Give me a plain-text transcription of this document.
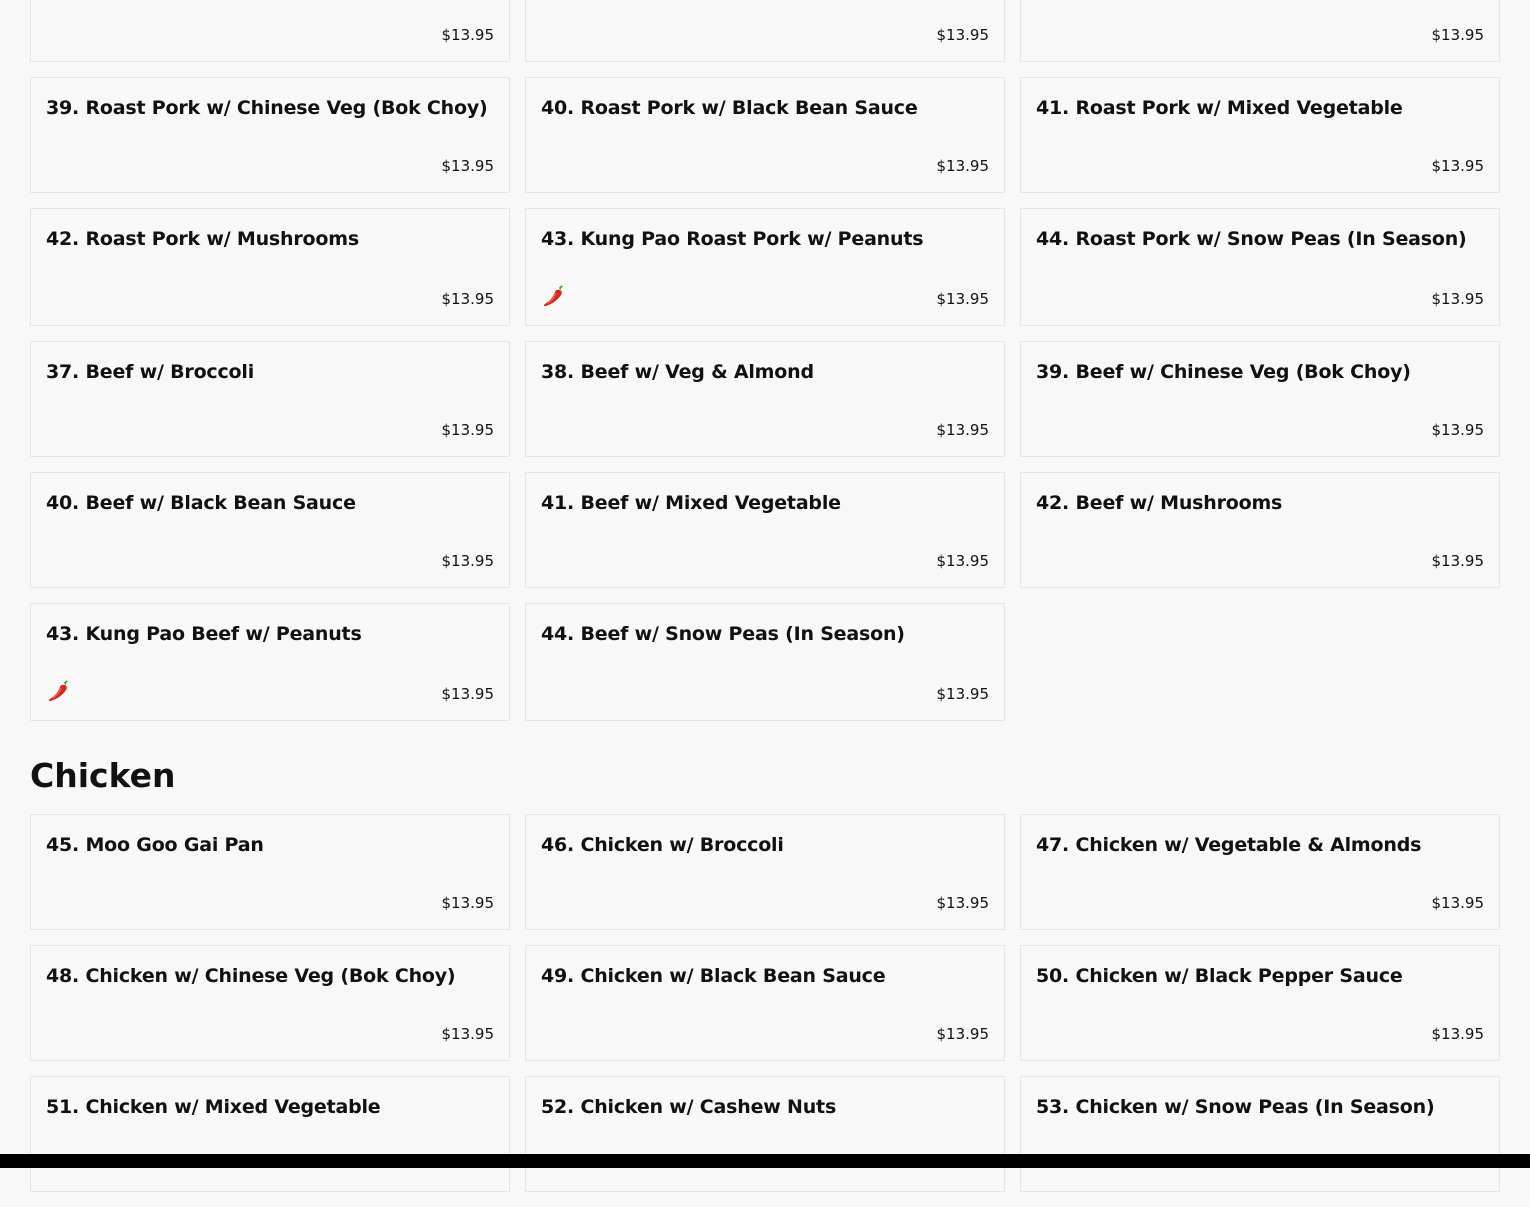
$13.95	$13.95	$13.95
39. Roast Pork w/ Chinese Veg (Bok Choy)
$13.95
40. Roast Pork w/ Black Bean Sauce
$13.95
41. Roast Pork w/ Mixed Vegetable
$13.95
42. Roast Pork w/ Mushrooms
$13.95
43. Kung Pao Roast Pork w/ Peanuts
$13.95
44. Roast Pork w/ Snow Peas (In Season)
$13.95
37. Beef w/ Broccoli
$13.95
38. Beef w/ Veg & Almond
$13.95
39. Beef w/ Chinese Veg (Bok Choy)
$13.95
40. Beef w/ Black Bean Sauce
$13.95
41. Beef w/ Mixed Vegetable
$13.95
42. Beef w/ Mushrooms
$13.95
43. Kung Pao Beef w/ Peanuts
$13.95
44. Beef w/ Snow Peas (In Season)
$13.95
Chicken
45. Moo Goo Gai Pan
$13.95
46. Chicken w/ Broccoli
$13.95
47. Chicken w/ Vegetable & Almonds
$13.95
48. Chicken w/ Chinese Veg (Bok Choy)
$13.95
49. Chicken w/ Black Bean Sauce
$13.95
50. Chicken w/ Black Pepper Sauce
$13.95
51. Chicken w/ Mixed Vegetable	52. Chicken w/ Cashew Nuts	53. Chicken w/ Snow Peas (In Season)
